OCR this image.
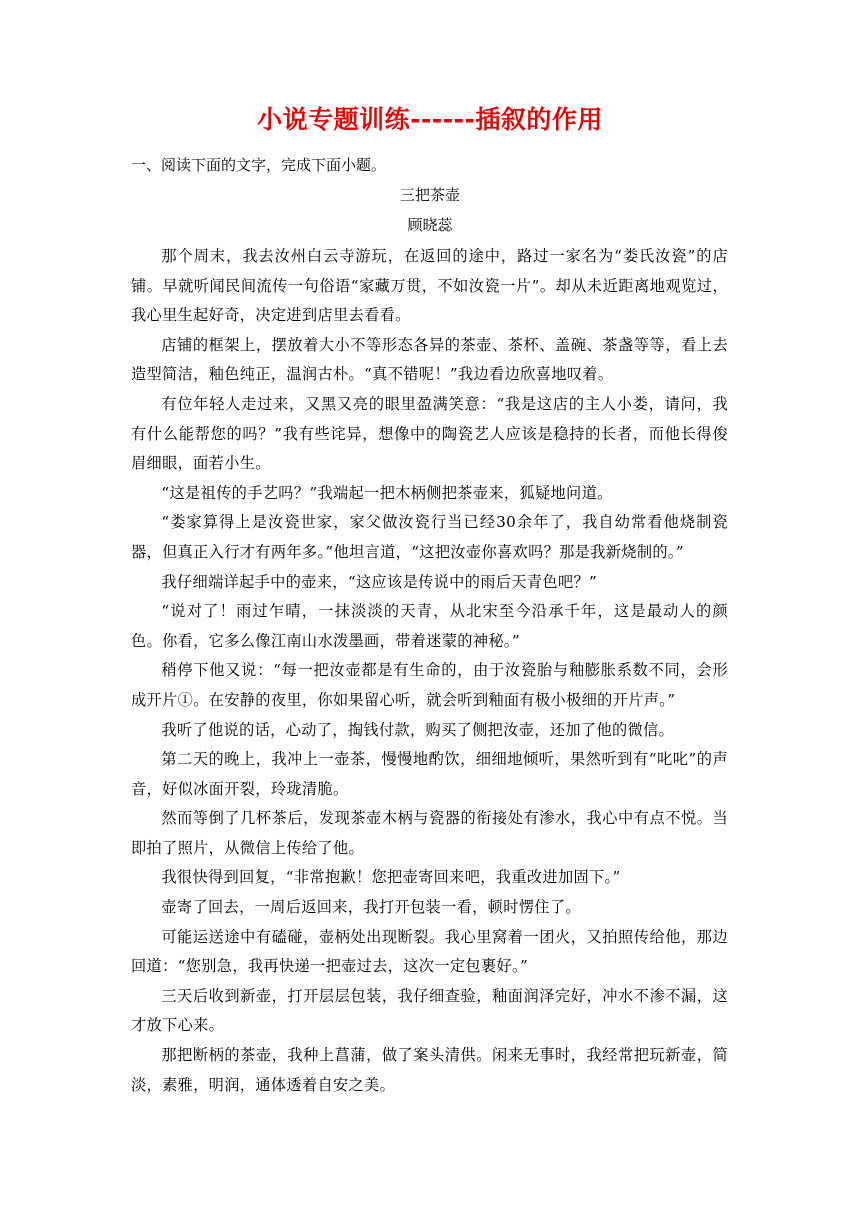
小说专题训练------插叙的作用
一、阅读下面的文字，完成下面小题。
三把茶壶
顾晓蕊

那个周末，我去汝州白云寺游玩，在返回的途中，路过一家名为“娄氏汝瓷”的店铺。早就听闻民间流传一句俗语“家藏万贯，不如汝瓷一片”。却从未近距离地观览过，我心里生起好奇，决定进到店里去看看。

店铺的框架上，摆放着大小不等形态各异的茶壶、茶杯、盖碗、茶盏等等，看上去造型简洁，釉色纯正，温润古朴。“真不错呢！”我边看边欣喜地叹着。

有位年轻人走过来，又黑又亮的眼里盈满笑意：“我是这店的主人小娄，请问，我有什么能帮您的吗？”我有些诧异，想像中的陶瓷艺人应该是稳持的长者，而他长得俊眉细眼，面若小生。

“这是祖传的手艺吗？”我端起一把木柄侧把茶壶来，狐疑地问道。

“娄家算得上是汝瓷世家，家父做汝瓷行当已经30余年了，我自幼常看他烧制瓷器，但真正入行才有两年多。”他坦言道，“这把汝壶你喜欢吗？那是我新烧制的。”

我仔细端详起手中的壶来，“这应该是传说中的雨后天青色吧？”

“说对了！雨过乍晴，一抹淡淡的天青，从北宋至今沿承千年，这是最动人的颜色。你看，它多么像江南山水泼墨画，带着迷蒙的神秘。”

稍停下他又说：“每一把汝壶都是有生命的，由于汝瓷胎与釉膨胀系数不同，会形成开片①。在安静的夜里，你如果留心听，就会听到釉面有极小极细的开片声。”

我听了他说的话，心动了，掏钱付款，购买了侧把汝壶，还加了他的微信。

第二天的晚上，我冲上一壶茶，慢慢地酌饮，细细地倾听，果然听到有“叱叱”的声音，好似冰面开裂，玲珑清脆。

然而等倒了几杯茶后，发现茶壶木柄与瓷器的衔接处有渗水，我心中有点不悦。当即拍了照片，从微信上传给了他。

我很快得到回复，“非常抱歉！您把壶寄回来吧，我重改进加固下。”

壶寄了回去，一周后返回来，我打开包装一看，顿时愣住了。

可能运送途中有磕碰，壶柄处出现断裂。我心里窝着一团火，又拍照传给他，那边回道：“您别急，我再快递一把壶过去，这次一定包裹好。”

三天后收到新壶，打开层层包装，我仔细查验，釉面润泽完好，冲水不渗不漏，这才放下心来。

那把断柄的茶壶，我种上菖蒲，做了案头清供。闲来无事时，我经常把玩新壶，简淡，素雅，明润，通体透着自安之美。
